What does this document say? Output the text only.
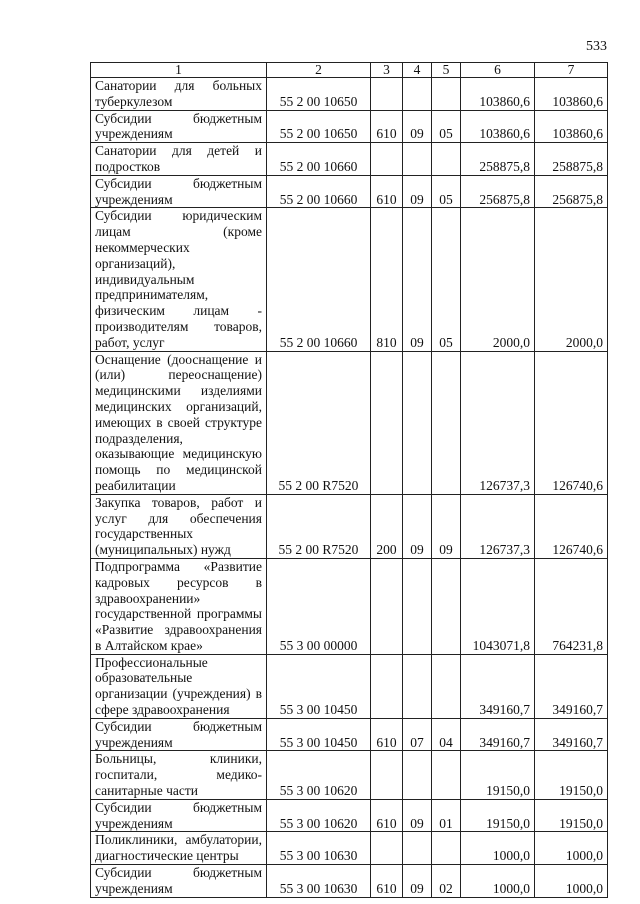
533
1	2	3	4	5	6	7
Санатории для больных туберкулезом	55 2 00 10650				103860,6	103860,6
Субсидии бюджетным учреждениям	55 2 00 10650	610	09	05	103860,6	103860,6
Санатории для детей и подростков	55 2 00 10660				258875,8	258875,8
Субсидии бюджетным учреждениям	55 2 00 10660	610	09	05	256875,8	256875,8
Субсидии юридическим лицам (кроме некоммерческих организаций), индивидуальным предпринимателям, физическим лицам - производителям товаров, работ, услуг	55 2 00 10660	810	09	05	2000,0	2000,0
Оснащение (дооснащение и (или) переоснащение) медицинскими изделиями медицинских организаций, имеющих в своей структуре подразделения, оказывающие медицинскую помощь по медицинской реабилитации	55 2 00 R7520				126737,3	126740,6
Закупка товаров, работ и услуг для обеспечения государственных (муниципальных) нужд	55 2 00 R7520	200	09	09	126737,3	126740,6
Подпрограмма «Развитие кадровых ресурсов в здравоохранении» государственной программы «Развитие здравоохранения в Алтайском крае»	55 3 00 00000				1043071,8	764231,8
Профессиональные образовательные организации (учреждения) в сфере здравоохранения	55 3 00 10450				349160,7	349160,7
Субсидии бюджетным учреждениям	55 3 00 10450	610	07	04	349160,7	349160,7
Больницы, клиники, госпитали, медико-санитарные части	55 3 00 10620				19150,0	19150,0
Субсидии бюджетным учреждениям	55 3 00 10620	610	09	01	19150,0	19150,0
Поликлиники, амбулатории, диагностические центры	55 3 00 10630				1000,0	1000,0
Субсидии бюджетным учреждениям	55 3 00 10630	610	09	02	1000,0	1000,0
